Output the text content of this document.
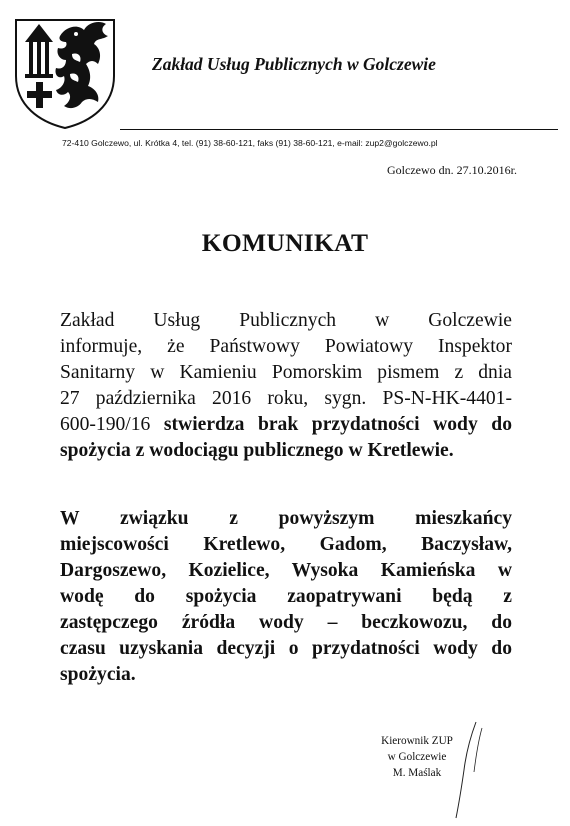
Zakład Usług Publicznych w Golczewie
72-410 Golczewo, ul. Krótka 4, tel. (91) 38-60-121, faks (91) 38-60-121, e-mail: zup2@golczewo.pl
Golczewo dn. 27.10.2016r.
KOMUNIKAT
Zakład Usług Publicznych w Golczewie
informuje, że Państwowy Powiatowy Inspektor
Sanitarny w Kamieniu Pomorskim pismem z dnia
27 października 2016 roku, sygn. PS-N-HK-4401-
600-190/16 stwierdza brak przydatności wody do
spożycia z wodociągu publicznego w Kretlewie.
W związku z powyższym mieszkańcy
miejscowości Kretlewo, Gadom, Baczysław,
Dargoszewo, Kozielice, Wysoka Kamieńska w
wodę do spożycia zaopatrywani będą z
zastępczego źródła wody – beczkowozu, do
czasu uzyskania decyzji o przydatności wody do
spożycia.
Kierownik ZUP
w Golczewie
M. Maślak
